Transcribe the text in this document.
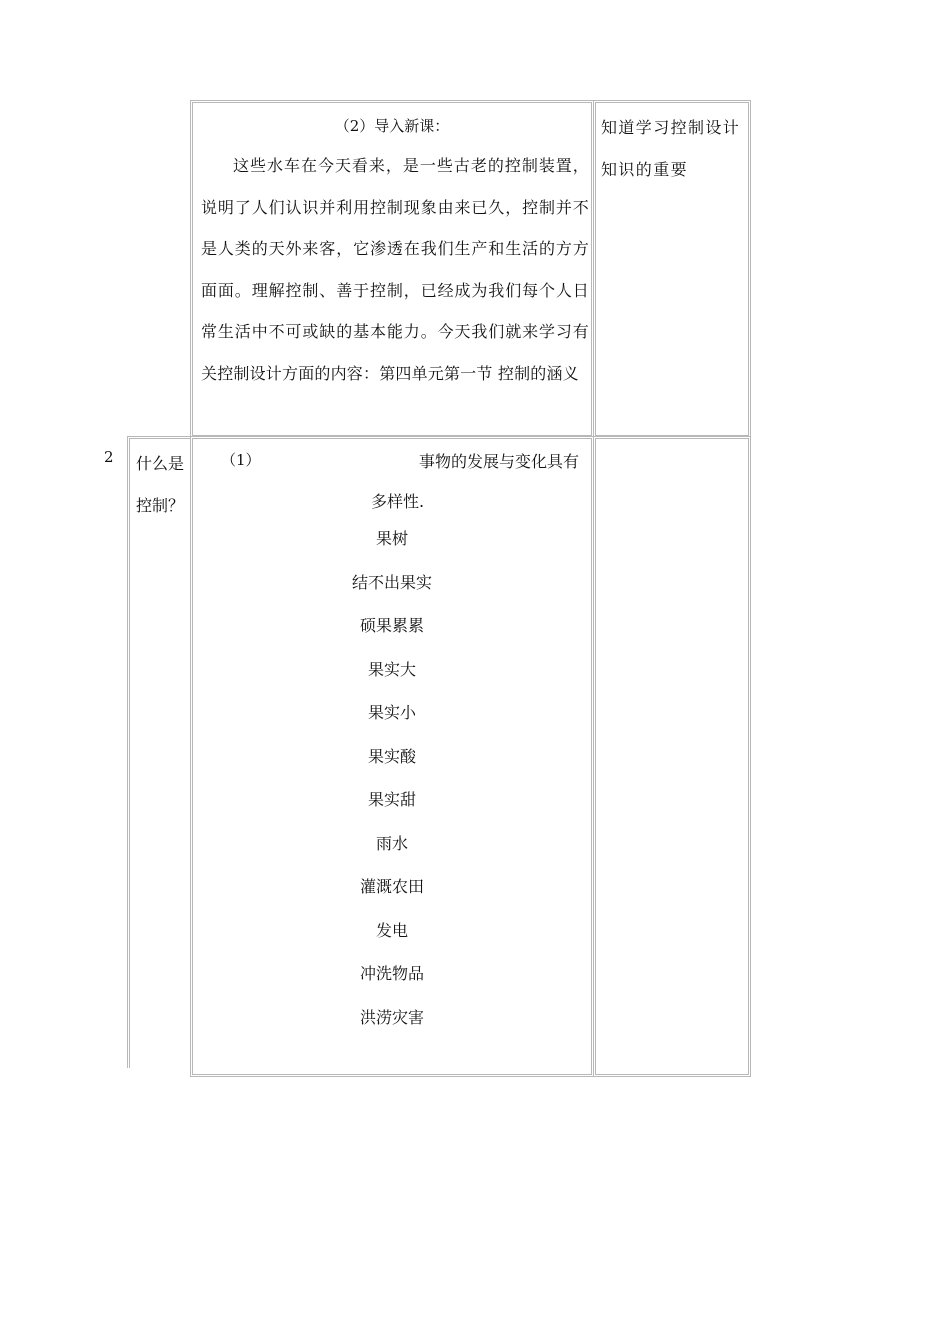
（2）导入新课：
这些水车在今天看来，是一些古老的控制装置，说明了人们认识并利用控制现象由来已久，控制并不是人类的天外来客，它渗透在我们生产和生活的方方面面。理解控制、善于控制，已经成为我们每个人日常生活中不可或缺的基本能力。今天我们就来学习有关控制设计方面的内容：第四单元第一节 控制的涵义
知道学习控制设计知识的重要
2 什么是控制？
（1）	事物的发展与变化具有
多样性.
果树
结不出果实
硕果累累
果实大
果实小
果实酸
果实甜
雨水
灌溉农田
发电
冲洗物品
洪涝灾害
